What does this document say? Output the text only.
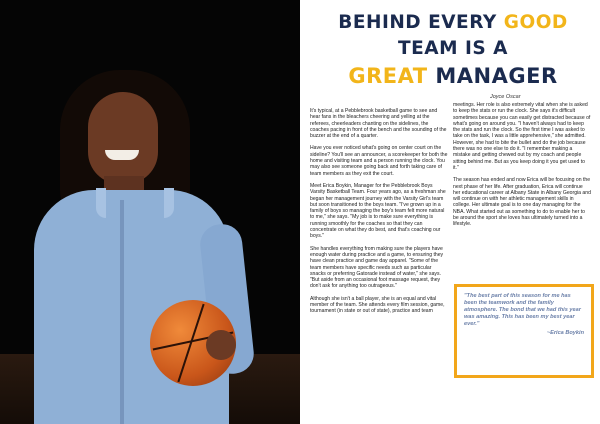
BEHIND EVERY GOOD
TEAM IS A
GREAT MANAGER
Joyce Oscar

It's typical, at a Pebblebrook basketball game to see and hear fans in the bleachers cheering and yelling at the referees, cheerleaders chanting on the sidelines, the coaches pacing in front of the bench and the sounding of the buzzer at the end of a quarter.

Have you ever noticed what's going on center court on the sideline? You'll see an announcer, a scorekeeper for both the home and visiting team and a person running the clock. You may also see someone going back and forth taking care of team members as they exit the court.

Meet Erica Boykin, Manager for the Pebblebrook Boys Varsity Basketball Team. Four years ago, as a freshman she began her management journey with the Varsity Girl's team but soon transitioned to the boys team. "I've grown up in a family of boys so managing the boy's team felt more natural to me," she says. "My job is to make sure everything is running smoothly for the coaches so that they can concentrate on what they do best, and that's coaching our boys."

She handles everything from making sure the players have enough water during practice and a game, to ensuring they have clean practice and game day apparel. "Some of the team members have specific needs such as particular snacks or preferring Gatorade instead of water," she says. "But aside from an occasional foot massage request, they don't ask for anything too outrageous."

Although she isn't a ball player, she is an equal and vital member of the team. She attends every film session, game, tournament (in state or out of state), practice and team

meetings. Her role is also extremely vital when she is asked to keep the stats or run the clock. She says it's difficult sometimes because you can easily get distracted because of what's going on around you. "I haven't always had to keep the stats and run the clock. So the first time I was asked to take on the task, I was a little apprehensive," she admitted. However, she had to bite the bullet and do the job because there was no one else to do it. "I remember making a mistake and getting chewed out by my coach and people sitting behind me. But as you keep doing it you get used to it."

The season has ended and now Erica will be focusing on the next phase of her life. After graduation, Erica will continue her educational career at Albany State in Albany Georgia and will continue on with her athletic management skills in college. Her ultimate goal is to one day managing for the NBA. What started out as something to do to enable her to be around the sport she loves has ultimately turned into a lifestyle.

"The best part of this season for me has been the teamwork and the family atmosphere. The bond that we had this year was amazing. This has been my best year ever."
~Erica Boykin
